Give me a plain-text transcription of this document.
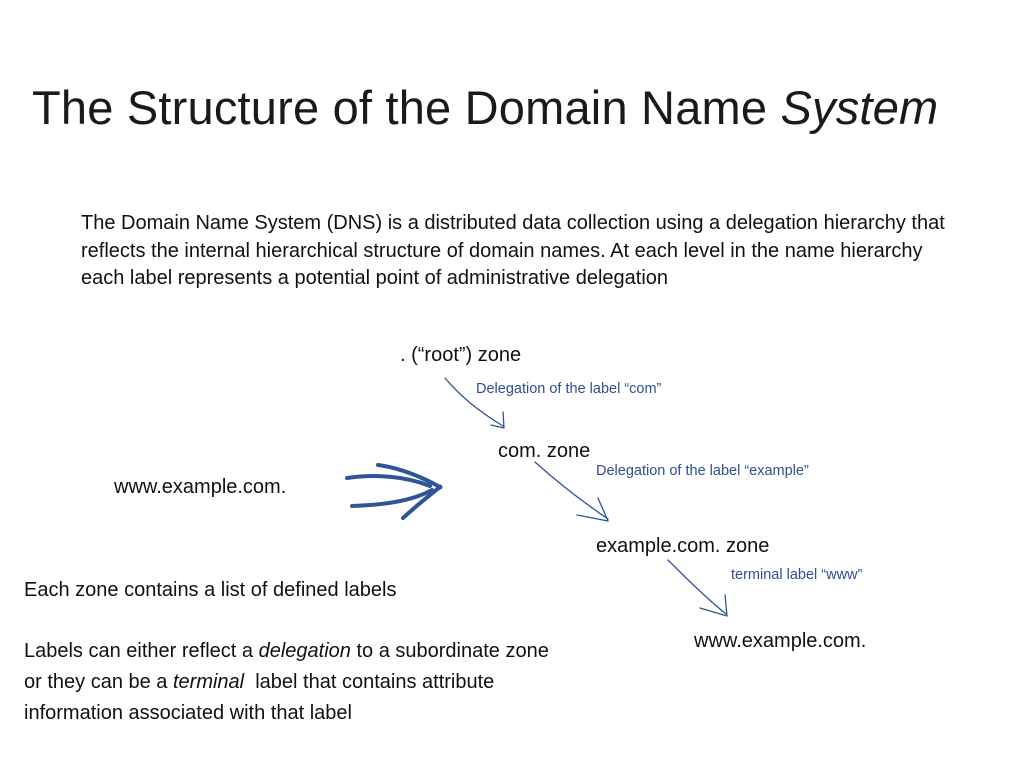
The Structure of the Domain Name System
The Domain Name System (DNS) is a distributed data collection using a delegation hierarchy that reflects the internal hierarchical structure of domain names. At each level in the name hierarchy each label represents a potential point of administrative delegation
. (“root”) zone
Delegation of the label “com”
com. zone
Delegation of the label “example”
example.com. zone
terminal label “www”
www.example.com.
www.example.com.
Each zone contains a list of defined labels
Labels can either reflect a delegation to a subordinate zone
or they can be a terminal  label that contains attribute
information associated with that label
